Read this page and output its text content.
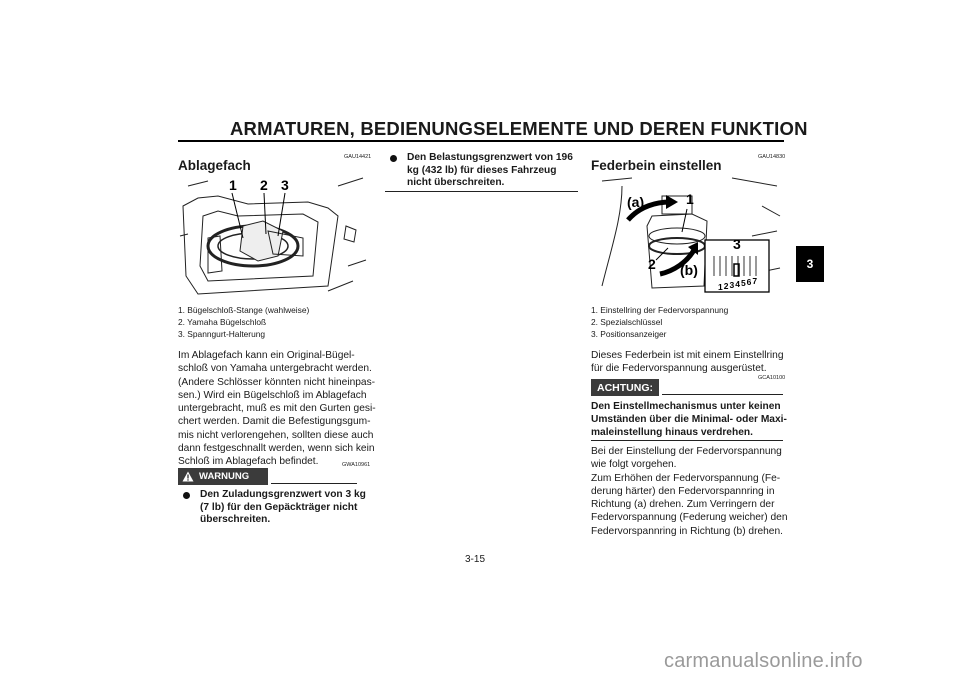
ARMATUREN, BEDIENUNGSELEMENTE UND DEREN FUNKTION
3
GAU14421
Ablagefach
1 2 3
1. Bügelschloß-Stange (wahlweise)
2. Yamaha Bügelschloß
3. Spanngurt-Halterung
Im Ablagefach kann ein Original-Bügel-
schloß von Yamaha untergebracht werden.
(Andere Schlösser könnten nicht hineinpas-
sen.) Wird ein Bügelschloß im Ablagefach
untergebracht, muß es mit den Gurten gesi-
chert werden. Damit die Befestigungsgum-
mis nicht verlorengehen, sollten diese auch
dann festgeschnallt werden, wenn sich kein
Schloß im Ablagefach befindet.
WARNUNG
GWA10961
Den Zuladungsgrenzwert von 3 kg
(7 lb) für den Gepäckträger nicht
überschreiten.
Den Belastungsgrenzwert von 196
kg (432 lb) für dieses Fahrzeug
nicht überschreiten.
GAU14830
Federbein einstellen
(a)	1
2 (b)
3
1 2 3 4 5 6 7
1. Einstellring der Federvorspannung
2. Spezialschlüssel
3. Positionsanzeiger
Dieses Federbein ist mit einem Einstellring
für die Federvorspannung ausgerüstet.
GCA10100
ACHTUNG:
Den Einstellmechanismus unter keinen
Umständen über die Minimal- oder Maxi-
maleinstellung hinaus verdrehen.
Bei der Einstellung der Federvorspannung
wie folgt vorgehen.
Zum Erhöhen der Federvorspannung (Fe-
derung härter) den Federvorspannring in
Richtung (a) drehen. Zum Verringern der
Federvorspannung (Federung weicher) den
Federvorspannring in Richtung (b) drehen.
3-15
carmanualsonline.info
